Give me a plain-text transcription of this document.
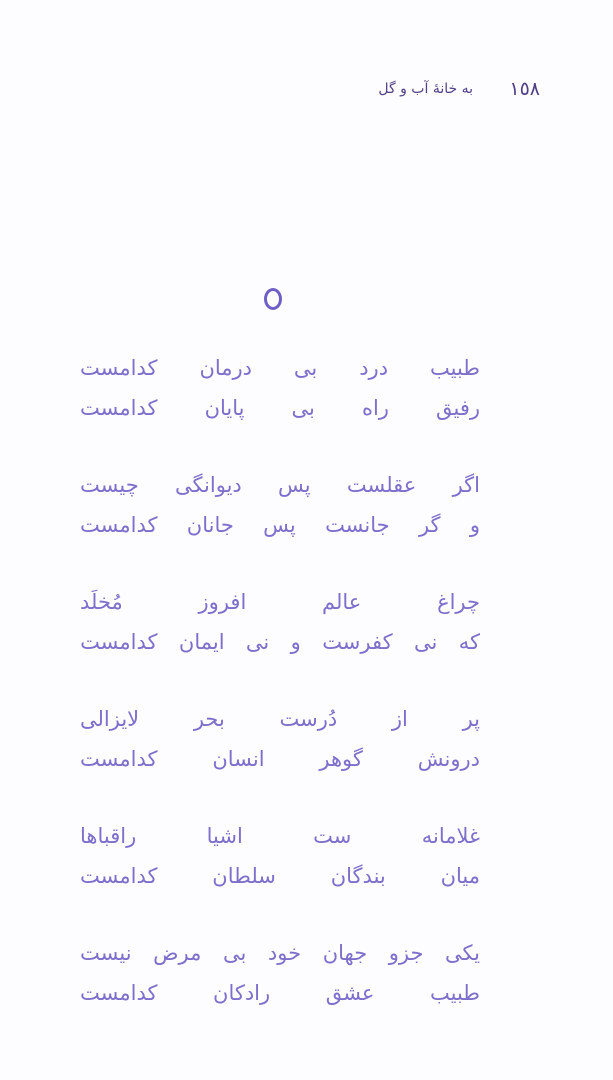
١٥٨
به خانهٔ آب و گل
طبیب
درد
بی
درمان
کدامست
رفیق
راه
بی
پایان
کدامست
اگر
عقلست
پس
دیوانگی
چیست
و
گر
جانست
پس
جانان
کدامست
چراغ
عالم
افروز
مُخلَد
که
نی
کفرست
و
نی
ایمان
کدامست
پر
از
دُرست
بحر
لایزالی
درونش
گوهر
انسان
کدامست
غلامانه
ست
اشیا
راقباها
میان
بندگان
سلطان
کدامست
یکی
جزو
جهان
خود
بی
مرض
نیست
طبیب
عشق
رادکان
کدامست
